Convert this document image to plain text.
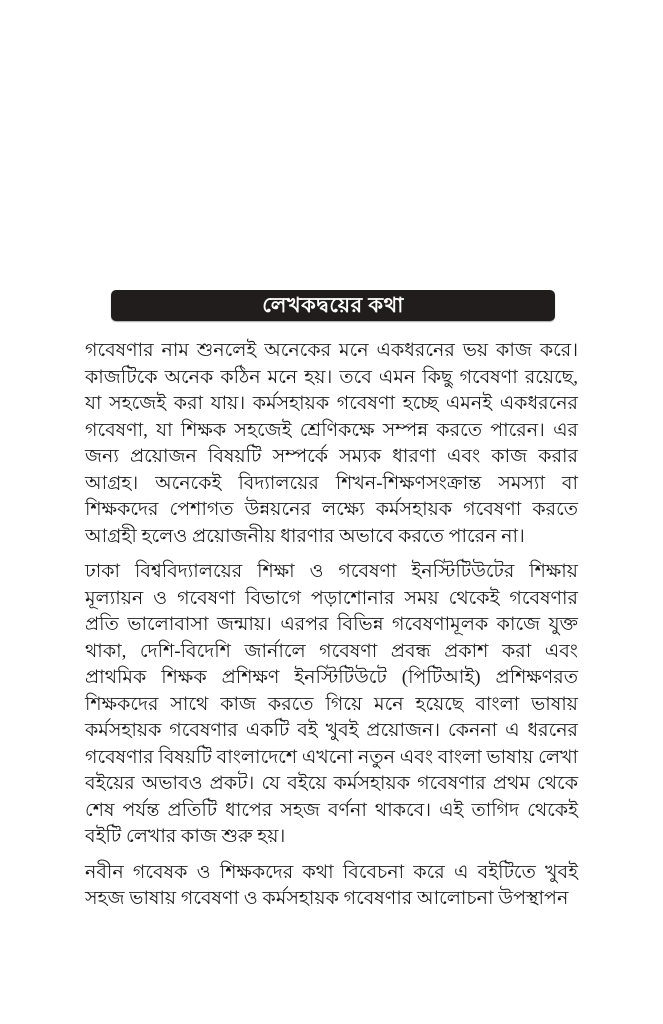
লেখকদ্বয়ের কথা

গবেষণার নাম শুনলেই অনেকের মনে একধরনের ভয় কাজ করে। কাজটিকে অনেক কঠিন মনে হয়। তবে এমন কিছু গবেষণা রয়েছে, যা সহজেই করা যায়। কর্মসহায়ক গবেষণা হচ্ছে এমনই একধরনের গবেষণা, যা শিক্ষক সহজেই শ্রেণিকক্ষে সম্পন্ন করতে পারেন। এর জন্য প্রয়োজন বিষয়টি সম্পর্কে সম্যক ধারণা এবং কাজ করার আগ্রহ। অনেকেই বিদ্যালয়ের শিখন-শিক্ষণসংক্রান্ত সমস্যা বা শিক্ষকদের পেশাগত উন্নয়নের লক্ষ্যে কর্মসহায়ক গবেষণা করতে আগ্রহী হলেও প্রয়োজনীয় ধারণার অভাবে করতে পারেন না।

ঢাকা বিশ্ববিদ্যালয়ের শিক্ষা ও গবেষণা ইনস্টিটিউটের শিক্ষায় মূল্যায়ন ও গবেষণা বিভাগে পড়াশোনার সময় থেকেই গবেষণার প্রতি ভালোবাসা জন্মায়। এরপর বিভিন্ন গবেষণামূলক কাজে যুক্ত থাকা, দেশি-বিদেশি জার্নালে গবেষণা প্রবন্ধ প্রকাশ করা এবং প্রাথমিক শিক্ষক প্রশিক্ষণ ইনস্টিটিউটে (পিটিআই) প্রশিক্ষণরত শিক্ষকদের সাথে কাজ করতে গিয়ে মনে হয়েছে বাংলা ভাষায় কর্মসহায়ক গবেষণার একটি বই খুবই প্রয়োজন। কেননা এ ধরনের গবেষণার বিষয়টি বাংলাদেশে এখনো নতুন এবং বাংলা ভাষায় লেখা বইয়ের অভাবও প্রকট। যে বইয়ে কর্মসহায়ক গবেষণার প্রথম থেকে শেষ পর্যন্ত প্রতিটি ধাপের সহজ বর্ণনা থাকবে। এই তাগিদ থেকেই বইটি লেখার কাজ শুরু হয়।

নবীন গবেষক ও শিক্ষকদের কথা বিবেচনা করে এ বইটিতে খুবই সহজ ভাষায় গবেষণা ও কর্মসহায়ক গবেষণার আলোচনা উপস্থাপন
